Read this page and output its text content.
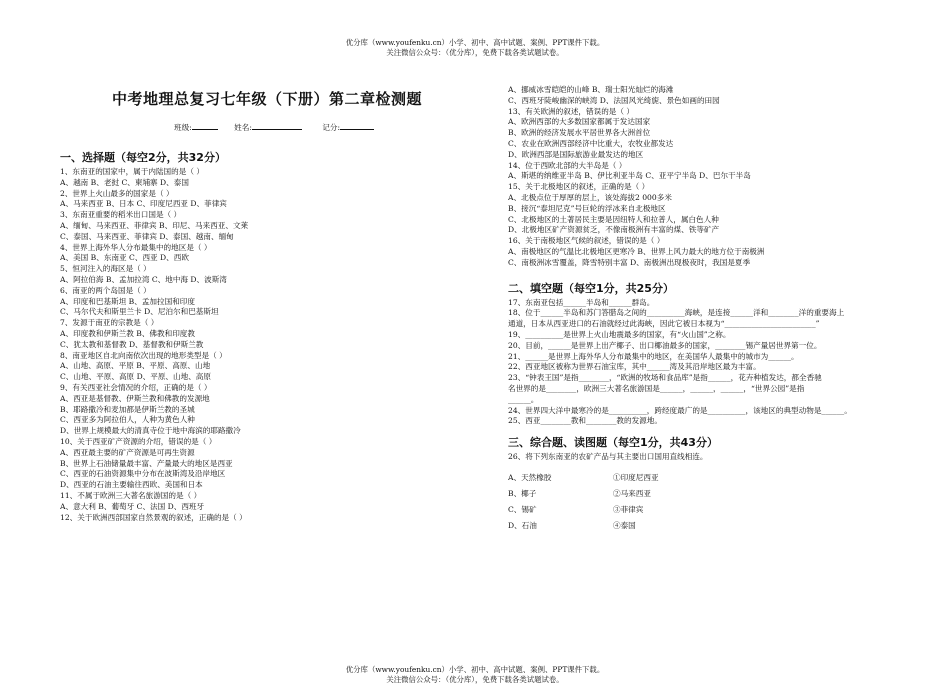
优分库（www.youfenku.cn）小学、初中、高中试题、案例、PPT课件下载。
关注微信公众号：（优分库），免费下载各类试题试卷。
中考地理总复习七年级（下册）第二章检测题
班级:	姓名:	记分:
一、选择题（每空2分，共32分）
1、东南亚的国家中，属于内陆国的是（ ）
A、越南 B、老挝 C、柬埔寨 D、泰国
2、世界上火山最多的国家是（ ）
A、马来西亚 B、日本 C、印度尼西亚 D、菲律宾
3、东南亚重要的稻米出口国是（ ）
A、缅甸、马来西亚、菲律宾 B、印尼、马来西亚、文莱
C、泰国、马来西亚、菲律宾 D、泰国、越南、缅甸
4、世界上海外华人分布最集中的地区是（ ）
A、美国 B、东南亚 C、西亚 D、西欧
5、恒河注入的海区是（ ）
A、阿拉伯海 B、孟加拉湾 C、地中海 D、波斯湾
6、南亚的两个岛国是（ ）
A、印度和巴基斯坦 B、孟加拉国和印度
C、马尔代夫和斯里兰卡 D、尼泊尔和巴基斯坦
7、发源于南亚的宗教是（ ）
A、印度教和伊斯兰教 B、佛教和印度教
C、犹太教和基督教 D、基督教和伊斯兰教
8、南亚地区自北向南依次出现的地形类型是（ ）
A、山地、高原、平原 B、平原、高原、山地
C、山地、平原、高原 D、平原、山地、高原
9、有关西亚社会情况的介绍，正确的是（ ）
A、西亚是基督教、伊斯兰教和佛教的发源地
B、耶路撒冷和麦加都是伊斯兰教的圣城
C、西亚多为阿拉伯人，人种为黄色人种
D、世界上规模最大的清真寺位于地中海滨的耶路撒冷
10、关于西亚矿产资源的介绍，错误的是（ ）
A、西亚最主要的矿产资源是可再生资源
B、世界上石油储量最丰富、产量最大的地区是西亚
C、西亚的石油资源集中分布在波斯湾及沿岸地区
D、西亚的石油主要输往西欧、美国和日本
11、不属于欧洲三大著名旅游国的是（ ）
A、意大利 B、葡萄牙 C、法国 D、西班牙
12、关于欧洲西部国家自然景观的叙述，正确的是（ ）
A、挪威冰雪皑皑的山峰 B、瑞士阳光灿烂的海滩
C、西班牙陡峻幽深的峡湾 D、法国风光绮旎、景色如画的田园
13、有关欧洲的叙述，错误的是（ ）
A、欧洲西部的大多数国家都属于发达国家
B、欧洲的经济发展水平居世界各大洲首位
C、农业在欧洲西部经济中比重大，农牧业都发达
D、欧洲西部是国际旅游业最发达的地区
14、位于西欧北部的大半岛是（ ）
A、斯堪的纳维亚半岛 B、伊比利亚半岛 C、亚平宁半岛 D、巴尔干半岛
15、关于北极地区的叙述，正确的是（ ）
A、北极点位于厚厚的层上，该处海拔2 000多米
B、接沉“泰坦尼克”号巨轮的浮冰来自北极地区
C、北极地区的土著居民主要是因纽特人和拉普人，属白色人种
D、北极地区矿产资源贫乏，不像南极洲有丰富的煤、铁等矿产
16、关于南极地区气候的叙述，错误的是（ ）
A、南极地区的气温比北极地区更寒冷 B、世界上风力最大的地方位于南极洲
C、南极洲冰雪覆盖，降雪特别丰富 D、南极洲出现极夜时，我国是夏季
二、填空题（每空1分，共25分）
17、东南亚包括______半岛和______群岛。
18、位于______半岛和苏门答腊岛之间的__________海峡，是连接______洋和________洋的重要海上
通道，日本从西亚进口的石油就经过此海峡，因此它被日本视为“________________________”
19、__________是世界上火山地震最多的国家，有“火山国”之称。
20、目前，______是世界上出产椰子、出口椰油最多的国家，________锡产量居世界第一位。
21、______是世界上海外华人分布最集中的地区，在美国华人最集中的城市为______。
22、西亚地区被称为世界石油宝库，其中______湾及其沿岸地区最为丰富。
23、“钟表王国”是指________，“欧洲的牧场和食品库”是指______，花卉种植发达，都全香驰
名世界的是________，欧洲三大著名旅游国是______，______，______，“世界公园”是指
______。
24、世界四大洋中最寒冷的是__________，跨经度最广的是__________，该地区的典型动物是______。
25、西亚________教和________教的发源地。
三、综合题、读图题（每空1分，共43分）
26、将下列东南亚的农矿产品与其主要出口国用直线相连。
A、天然橡胶	①印度尼西亚
B、椰子	②马来西亚
C、锡矿	③菲律宾
D、石油	④泰国
优分库（www.youfenku.cn）小学、初中、高中试题、案例、PPT课件下载。
关注微信公众号：（优分库），免费下载各类试题试卷。
